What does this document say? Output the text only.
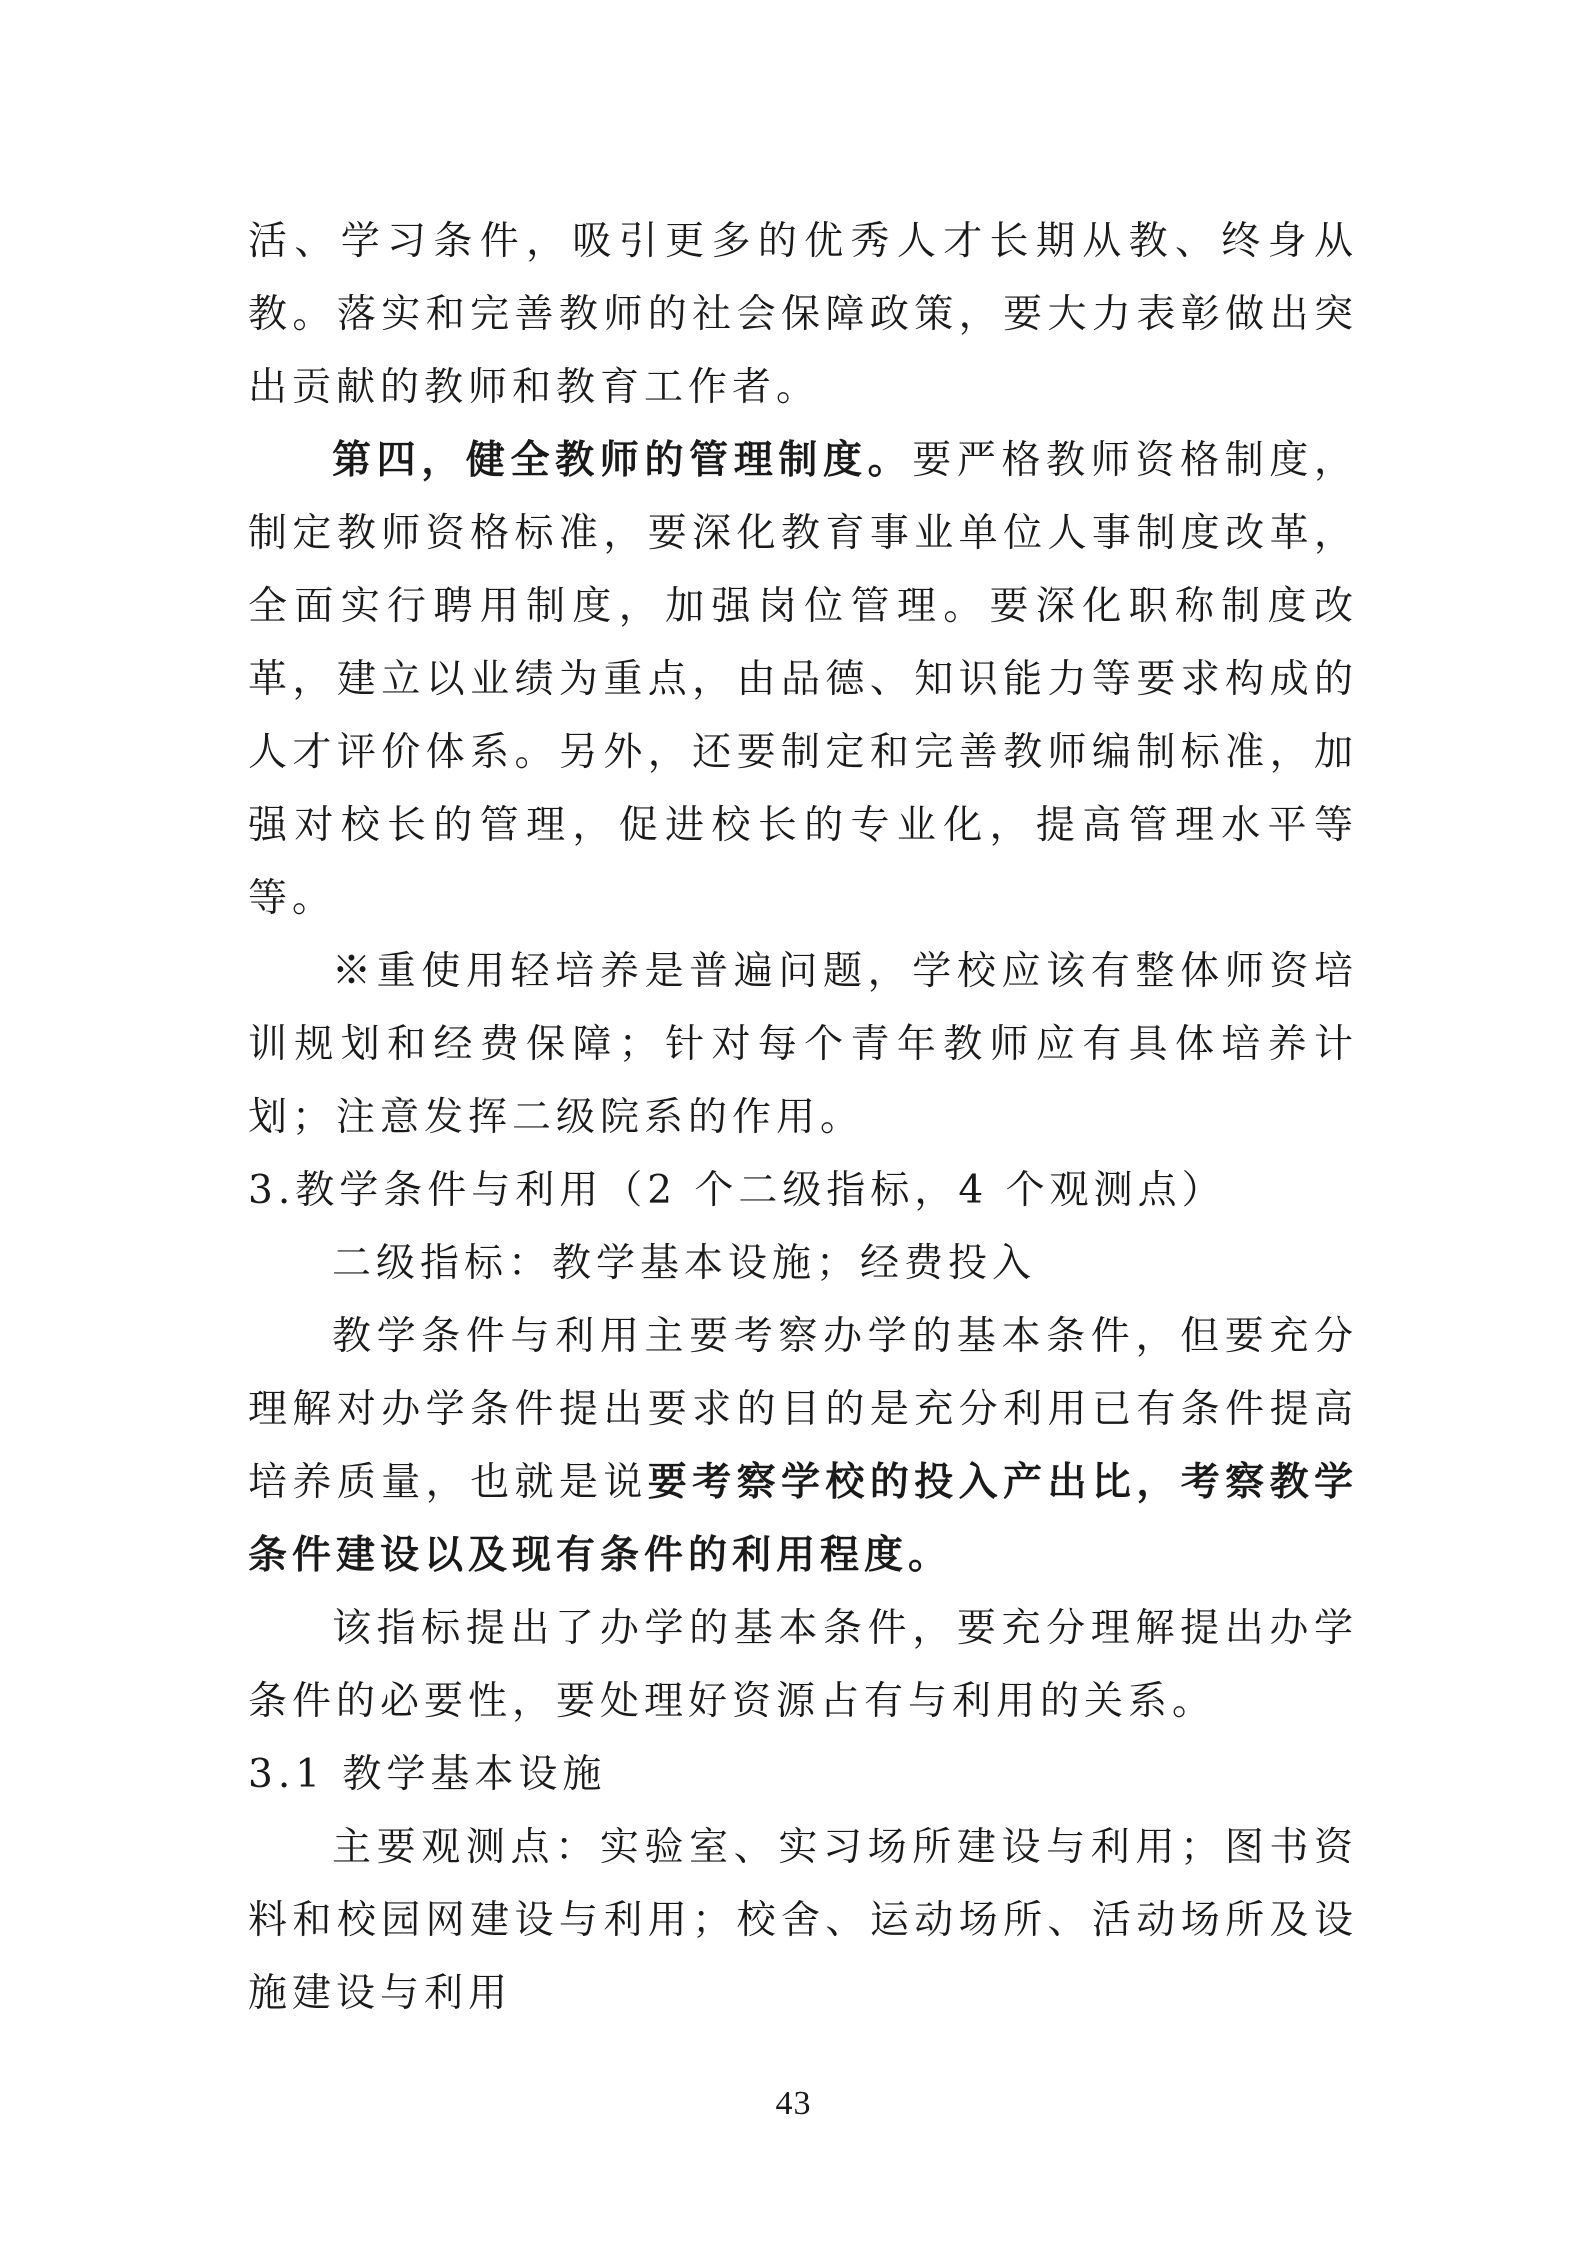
活、学习条件，吸引更多的优秀人才长期从教、终身从教。落实和完善教师的社会保障政策，要大力表彰做出突出贡献的教师和教育工作者。

第四，健全教师的管理制度。要严格教师资格制度，制定教师资格标准，要深化教育事业单位人事制度改革，全面实行聘用制度，加强岗位管理。要深化职称制度改革，建立以业绩为重点，由品德、知识能力等要求构成的人才评价体系。另外，还要制定和完善教师编制标准，加强对校长的管理，促进校长的专业化，提高管理水平等等。

※重使用轻培养是普遍问题，学校应该有整体师资培训规划和经费保障；针对每个青年教师应有具体培养计划；注意发挥二级院系的作用。

3.教学条件与利用（2 个二级指标，4 个观测点）

二级指标：教学基本设施；经费投入

教学条件与利用主要考察办学的基本条件，但要充分理解对办学条件提出要求的目的是充分利用已有条件提高培养质量，也就是说要考察学校的投入产出比，考察教学条件建设以及现有条件的利用程度。

该指标提出了办学的基本条件，要充分理解提出办学条件的必要性，要处理好资源占有与利用的关系。

3.1 教学基本设施

主要观测点：实验室、实习场所建设与利用；图书资料和校园网建设与利用；校舍、运动场所、活动场所及设施建设与利用

43
